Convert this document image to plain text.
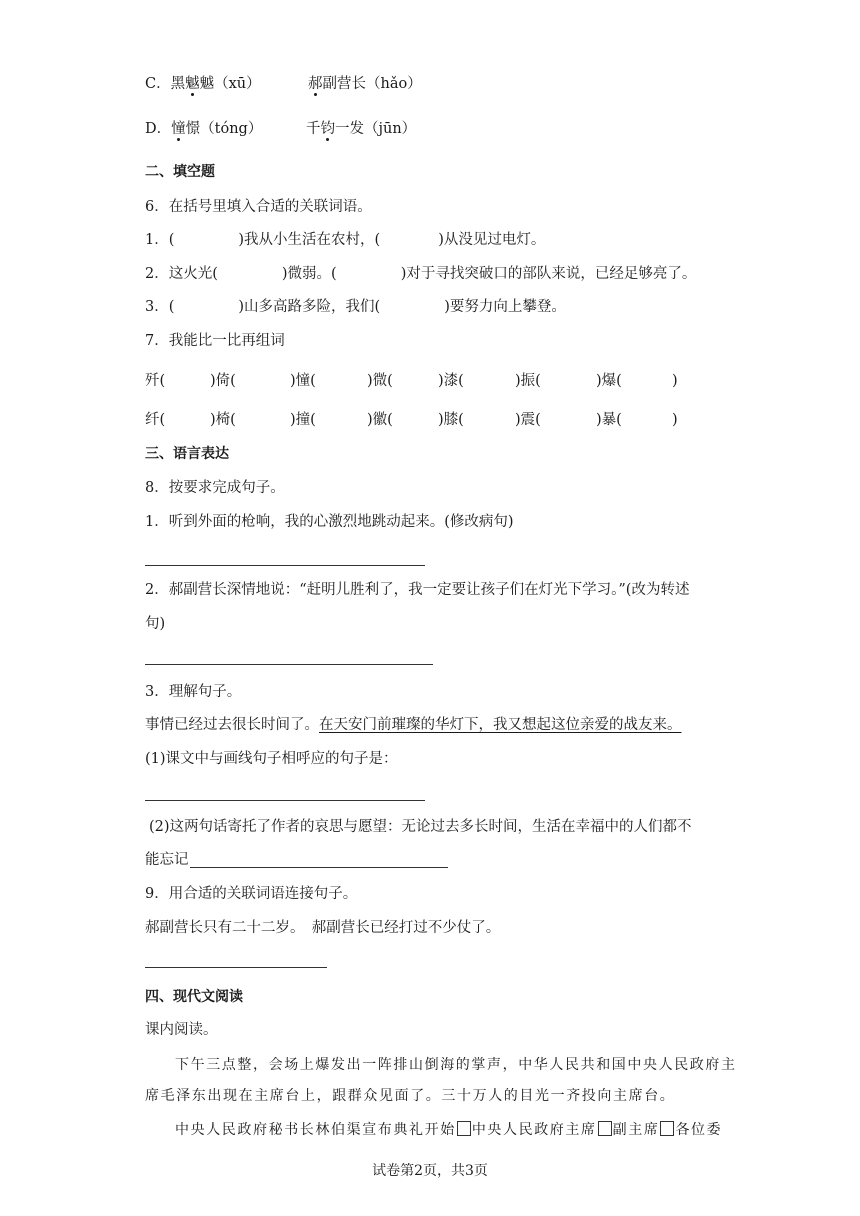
C．黑魆魆（xū）	郝副营长（hǎo）
D．憧憬（tóng）	千钧一发（jūn）
二、填空题
6．在括号里填入合适的关联词语。
1．(	)我从小生活在农村，(	)从没见过电灯。
2．这火光(	)微弱。(	)对于寻找突破口的部队来说，已经足够亮了。
3．(	)山多高路多险，我们(	)要努力向上攀登。
7．我能比一比再组词
歼(	)倚(	)憧(	)微(	)漆(	)振(	)爆(	)
纤(	)椅(	)撞(	)徽(	)膝(	)震(	)暴(	)
三、语言表达
8．按要求完成句子。
1．听到外面的枪响，我的心激烈地跳动起来。(修改病句)
2．郝副营长深情地说：“赶明儿胜利了，我一定要让孩子们在灯光下学习。”(改为转述
句)
3．理解句子。
事情已经过去很长时间了。在天安门前璀璨的华灯下，我又想起这位亲爱的战友来。
(1)课文中与画线句子相呼应的句子是：
(2)这两句话寄托了作者的哀思与愿望：无论过去多长时间，生活在幸福中的人们都不
能忘记
9．用合适的关联词语连接句子。
郝副营长只有二十二岁。　郝副营长已经打过不少仗了。
四、现代文阅读
课内阅读。
下午三点整，会场上爆发出一阵排山倒海的掌声，中华人民共和国中央人民政府主
席毛泽东出现在主席台上，跟群众见面了。三十万人的目光一齐投向主席台。
中央人民政府秘书长林伯渠宣布典礼开始 中央人民政府主席 副主席 各位委
试卷第2页，共3页
